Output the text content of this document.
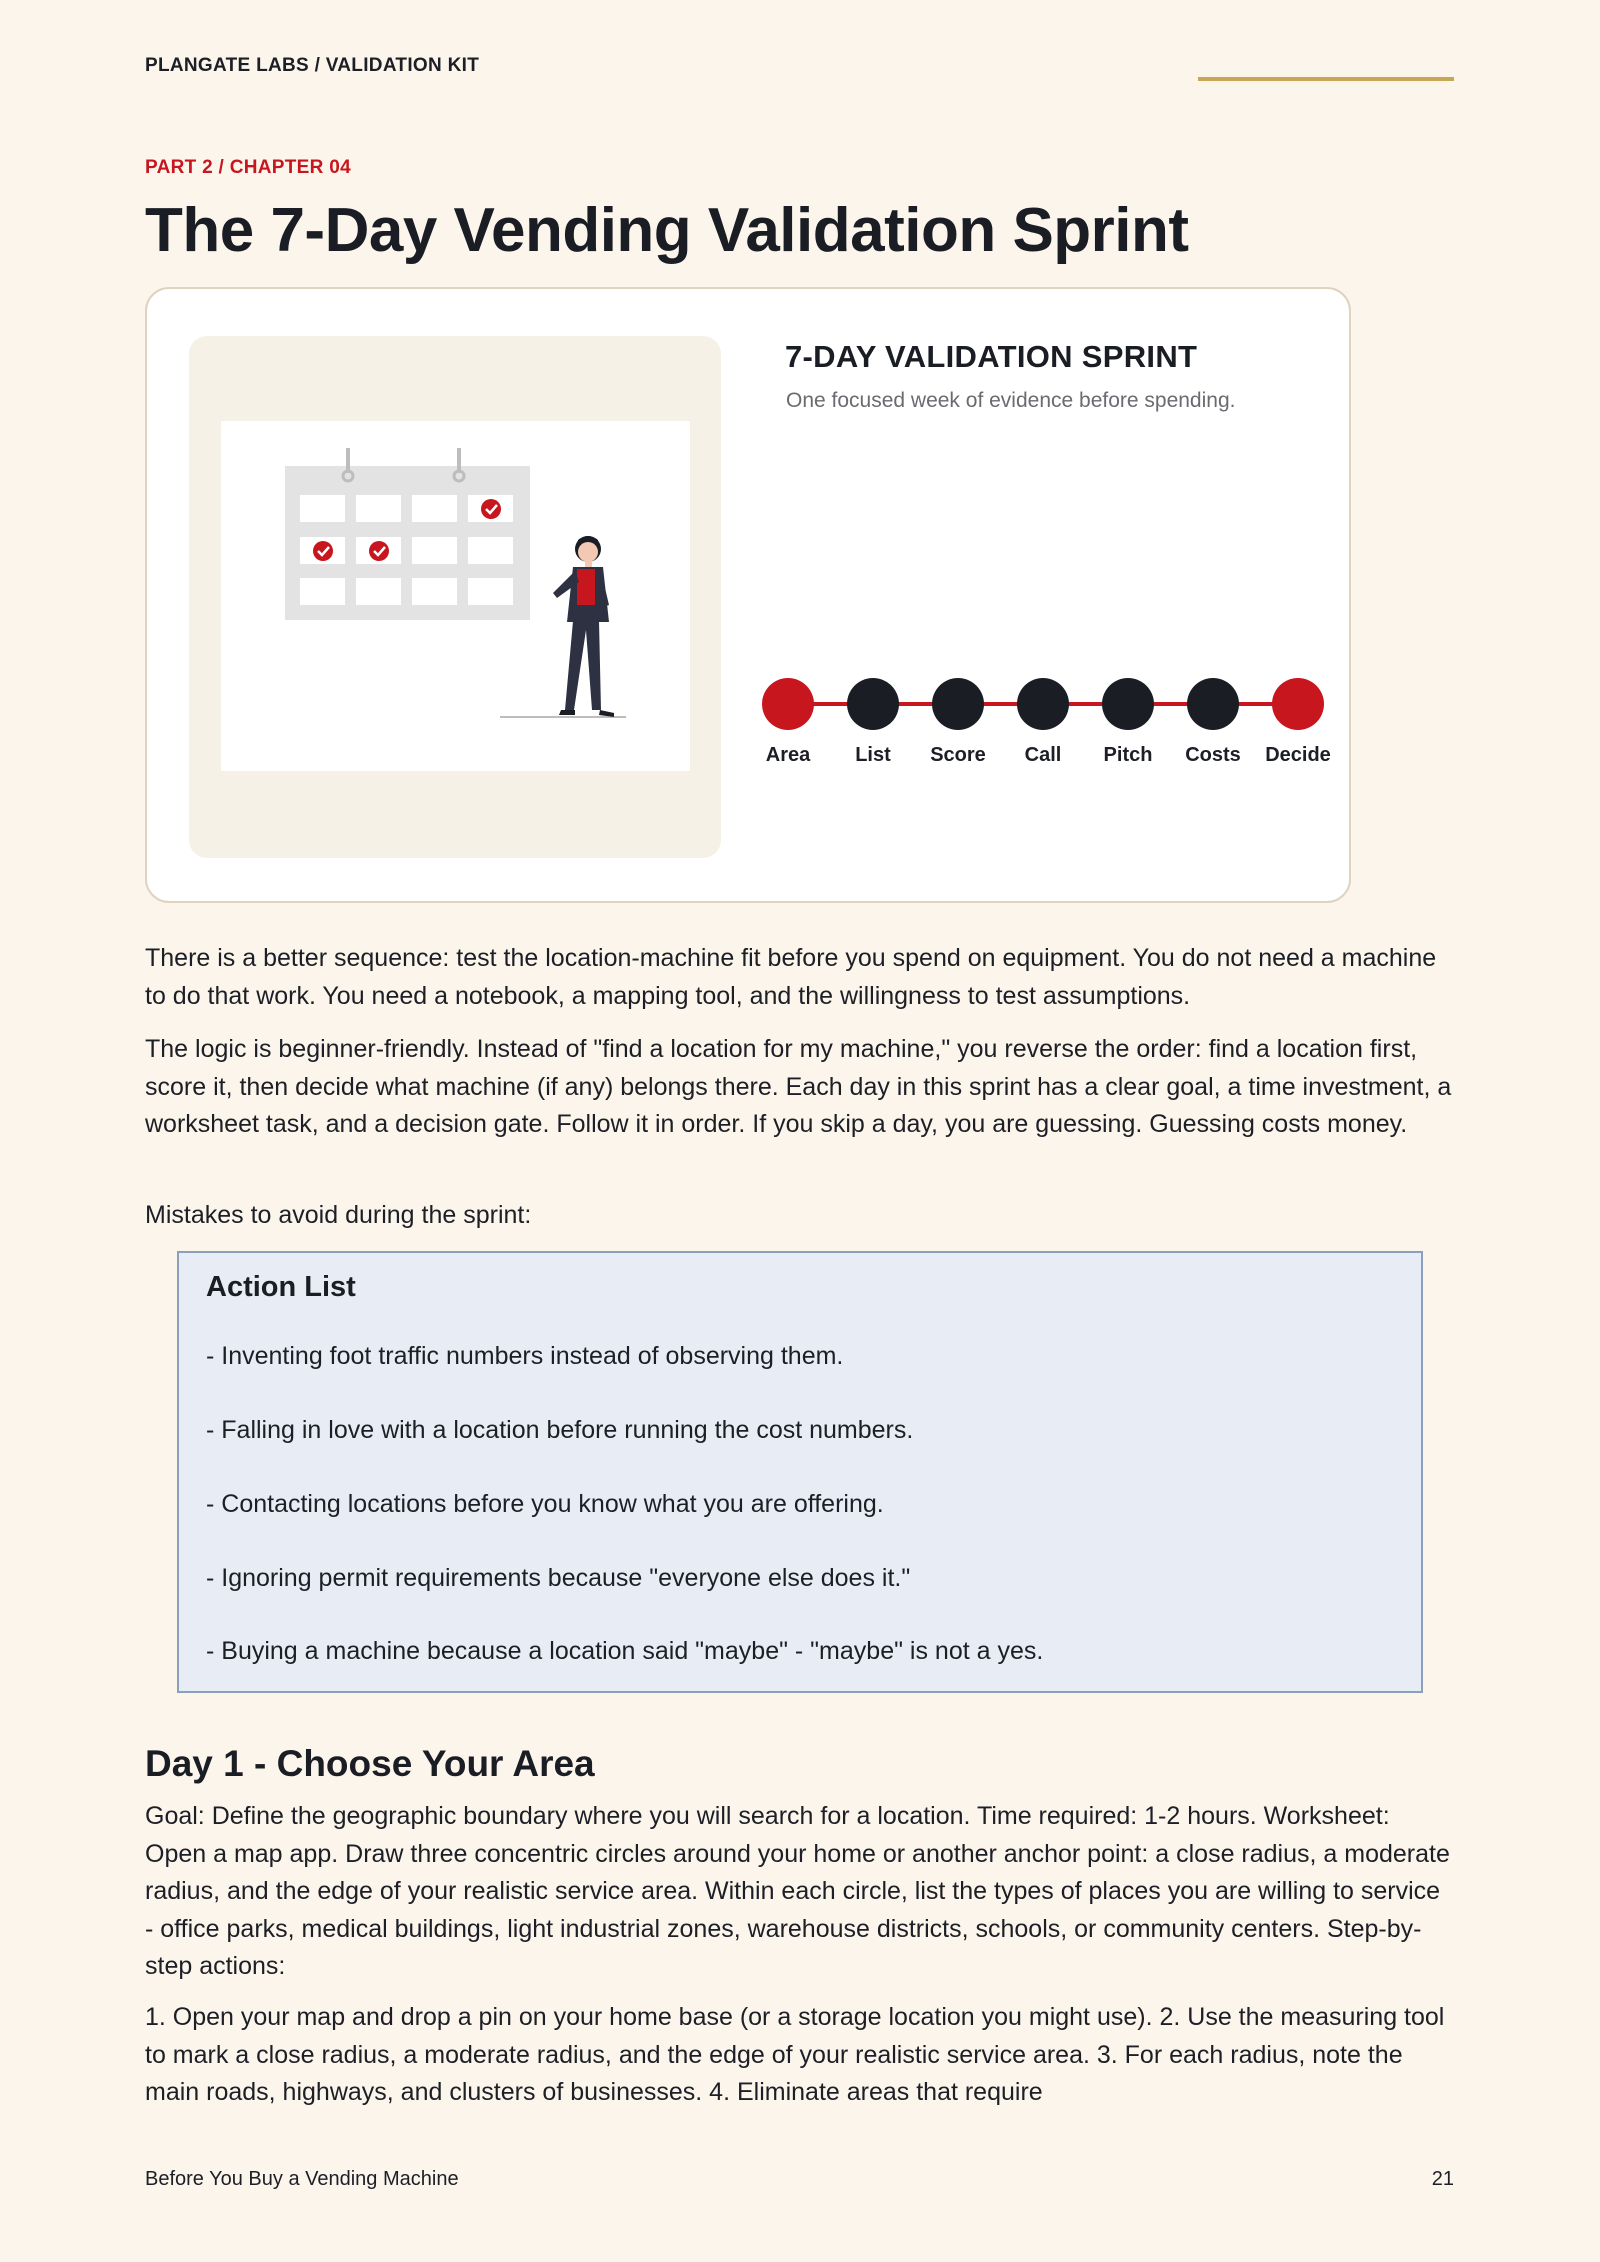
PLANGATE LABS / VALIDATION KIT
PART 2 / CHAPTER 04
The 7-Day Vending Validation Sprint
7-DAY VALIDATION SPRINT
One focused week of evidence before spending.
Area	List	Score	Call	Pitch	Costs	Decide

There is a better sequence: test the location-machine fit before you spend on equipment. You do not need a machine to do that work. You need a notebook, a mapping tool, and the willingness to test assumptions.

The logic is beginner-friendly. Instead of "find a location for my machine," you reverse the order: find a location first, score it, then decide what machine (if any) belongs there. Each day in this sprint has a clear goal, a time investment, a worksheet task, and a decision gate. Follow it in order. If you skip a day, you are guessing. Guessing costs money.

Mistakes to avoid during the sprint:

Action List
- Inventing foot traffic numbers instead of observing them.
- Falling in love with a location before running the cost numbers.
- Contacting locations before you know what you are offering.
- Ignoring permit requirements because "everyone else does it."
- Buying a machine because a location said "maybe" - "maybe" is not a yes.
Day 1 - Choose Your Area

Goal: Define the geographic boundary where you will search for a location. Time required: 1-2 hours. Worksheet: Open a map app. Draw three concentric circles around your home or another anchor point: a close radius, a moderate radius, and the edge of your realistic service area. Within each circle, list the types of places you are willing to service - office parks, medical buildings, light industrial zones, warehouse districts, schools, or community centers. Step-by-step actions:

1. Open your map and drop a pin on your home base (or a storage location you might use). 2. Use the measuring tool to mark a close radius, a moderate radius, and the edge of your realistic service area. 3. For each radius, note the main roads, highways, and clusters of businesses. 4. Eliminate areas that require

Before You Buy a Vending Machine	21
